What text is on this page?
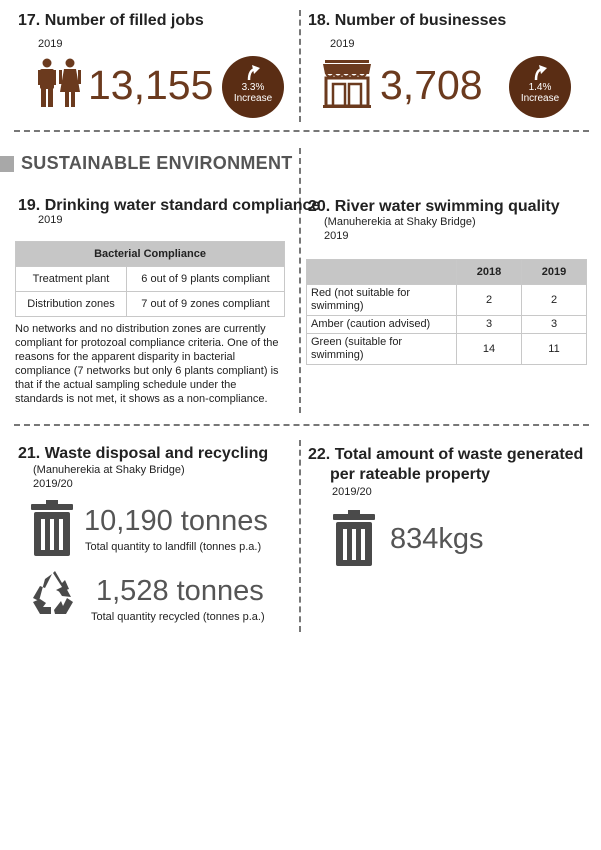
17. Number of filled jobs
2019
13,155	3.3%
Increase
18. Number of businesses
2019
3,708	1.4%
Increase
SUSTAINABLE ENVIRONMENT
19. Drinking water standard compliance
2019
Bacterial Compliance	
Treatment plant	6 out of 9 plants compliant
Distribution zones	7 out of 9 zones compliant
No networks and no distribution zones are currently compliant for protozoal compliance criteria. One of the reasons for the apparent disparity in bacterial compliance (7 networks but only 6 plants compliant) is that if the actual sampling schedule under the standards is not met, it shows as a non-compliance.
20. River water swimming quality
(Manuherekia at Shaky Bridge)
2019
	2018	2019
Red (not suitable for swimming)	2	2
Amber (caution advised)	3	3
Green (suitable for swimming)	14	11
21. Waste disposal and recycling
(Manuherekia at Shaky Bridge)
2019/20
10,190 tonnes
Total quantity to landfill (tonnes p.a.)
1,528 tonnes
Total quantity recycled (tonnes p.a.)
22. Total amount of waste generated
per rateable property
2019/20
834kgs
